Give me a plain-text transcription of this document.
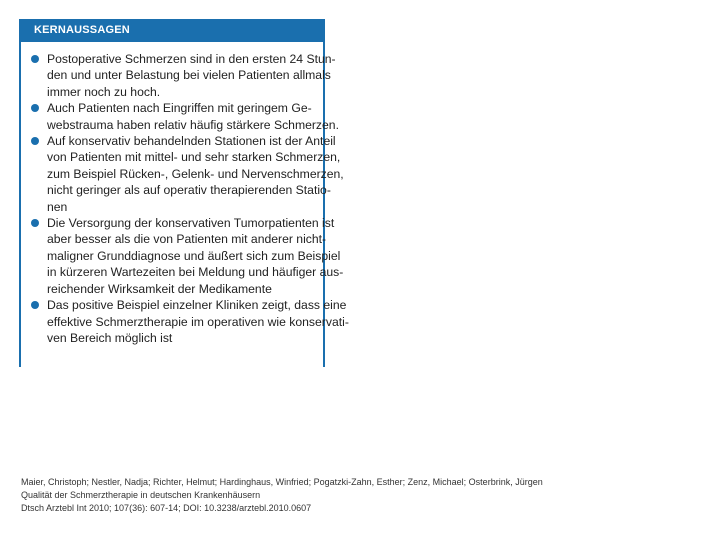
KERNAUSSAGEN
Postoperative Schmerzen sind in den ersten 24 Stun-
den und unter Belastung bei vielen Patienten allmals
immer noch zu hoch.
Auch Patienten nach Eingriffen mit geringem Ge-
webstrauma haben relativ häufig stärkere Schmerzen.
Auf konservativ behandelnden Stationen ist der Anteil
von Patienten mit mittel- und sehr starken Schmerzen,
zum Beispiel Rücken-, Gelenk- und Nervenschmerzen,
nicht geringer als auf operativ therapierenden Statio-
nen
Die Versorgung der konservativen Tumorpatienten ist
aber besser als die von Patienten mit anderer nicht-
maligner Grunddiagnose und äußert sich zum Beispiel
in kürzeren Wartezeiten bei Meldung und häufiger aus-
reichender Wirksamkeit der Medikamente
Das positive Beispiel einzelner Kliniken zeigt, dass eine
effektive Schmerztherapie im operativen wie konservati-
ven Bereich möglich ist
Maier, Christoph; Nestler, Nadja; Richter, Helmut; Hardinghaus, Winfried; Pogatzki-Zahn, Esther; Zenz, Michael; Osterbrink, Jürgen
Qualität der Schmerztherapie in deutschen Krankenhäusern
Dtsch Arztebl Int 2010; 107(36): 607-14; DOI: 10.3238/arztebl.2010.0607
